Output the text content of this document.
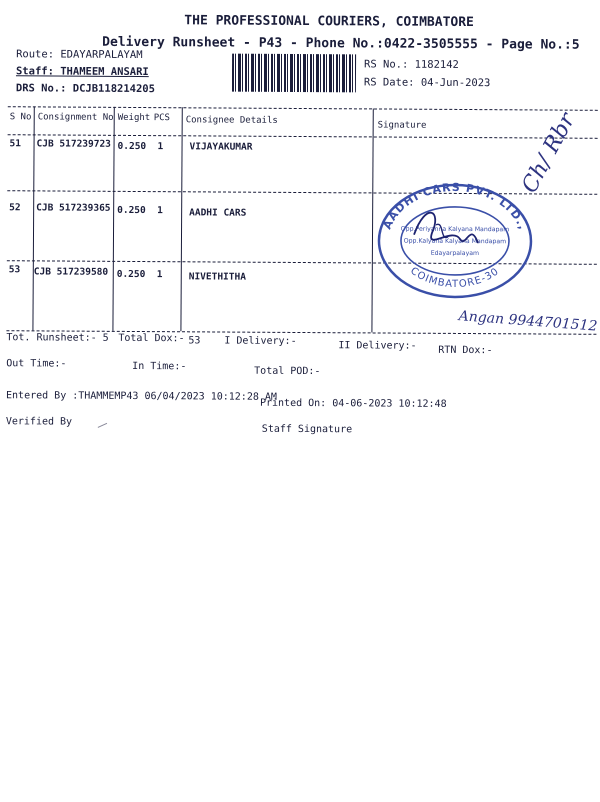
THE PROFESSIONAL COURIERS, COIMBATORE
Delivery Runsheet - P43 - Phone No.:0422-3505555 - Page No.:5
Route: EDAYARPALAYAM
Staff: THAMEEM ANSARI
DRS No.: DCJB118214205
RS No.: 1182142
RS Date: 04-Jun-2023
S No Consignment No Weight PCS Consignee Details	Signature
51 CJB 517239723 0.250 1	VIJAYAKUMAR
52 CJB 517239365 0.250 1	AADHI CARS
53 CJB 517239580 0.250 1	NIVETHITHA
AADHI CARS PVT. LTD.,
COIMBATORE-30
Opp.Periyanna Kalyana Mandapam
Opp.Kalyana Kalyana Mandapam
Edayarpalayam
Ch/ Rbr
Angan 9944701512
Tot. Runsheet:- 5 Total Dox:- 53 I Delivery:-	II Delivery:- RTN Dox:-
Out Time:-	In Time:-	Total POD:-
Entered By :THAMMEMP43 06/04/2023 10:12:28 AM
Printed On: 04-06-2023 10:12:48
Verified By
Staff Signature
